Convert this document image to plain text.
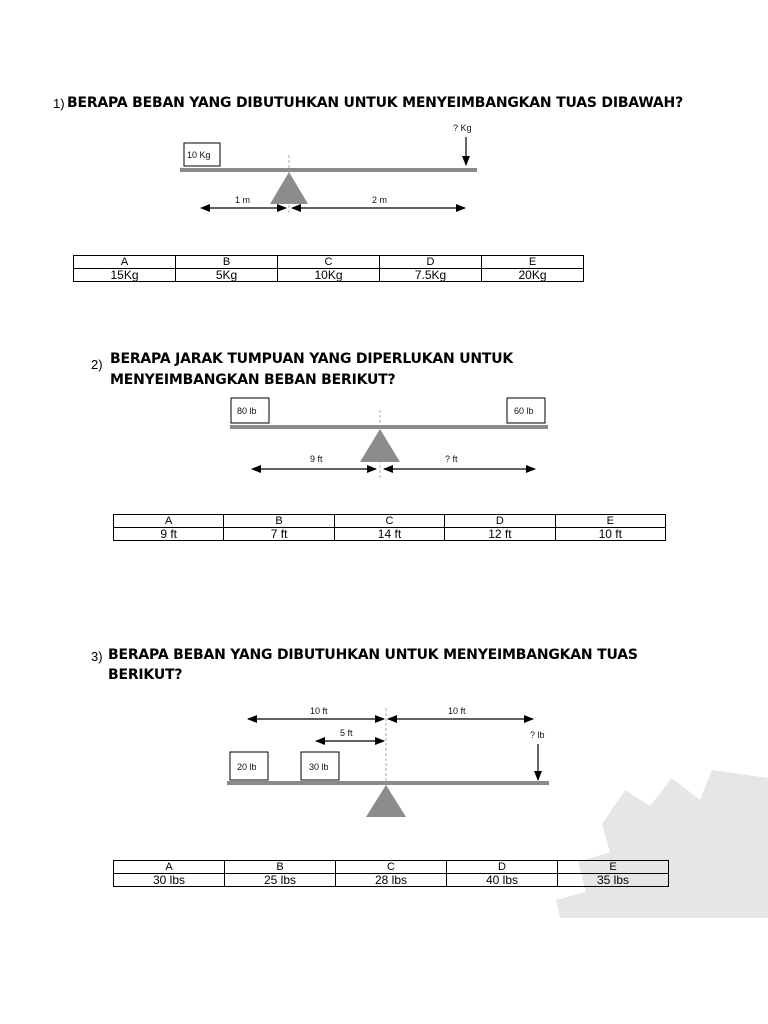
1) BERAPA BEBAN YANG DIBUTUHKAN UNTUK MENYEIMBANGKAN TUAS DIBAWAH?
10 Kg
? Kg
1 m	2 m
A	B	C	D	E
15Kg	5Kg	10Kg	7.5Kg	20Kg
2) BERAPA JARAK TUMPUAN YANG DIPERLUKAN UNTUK
MENYEIMBANGKAN BEBAN BERIKUT?
80 lb	60 lb
9 ft	? ft
A	B	C	D	E
9 ft	7 ft	14 ft	12 ft	10 ft
3) BERAPA BEBAN YANG DIBUTUHKAN UNTUK MENYEIMBANGKAN TUAS
BERIKUT?
10 ft	10 ft
5 ft	? lb
20 lb	30 lb
A	B	C	D	E
30 lbs	25 lbs	28 lbs	40 lbs	35 lbs
